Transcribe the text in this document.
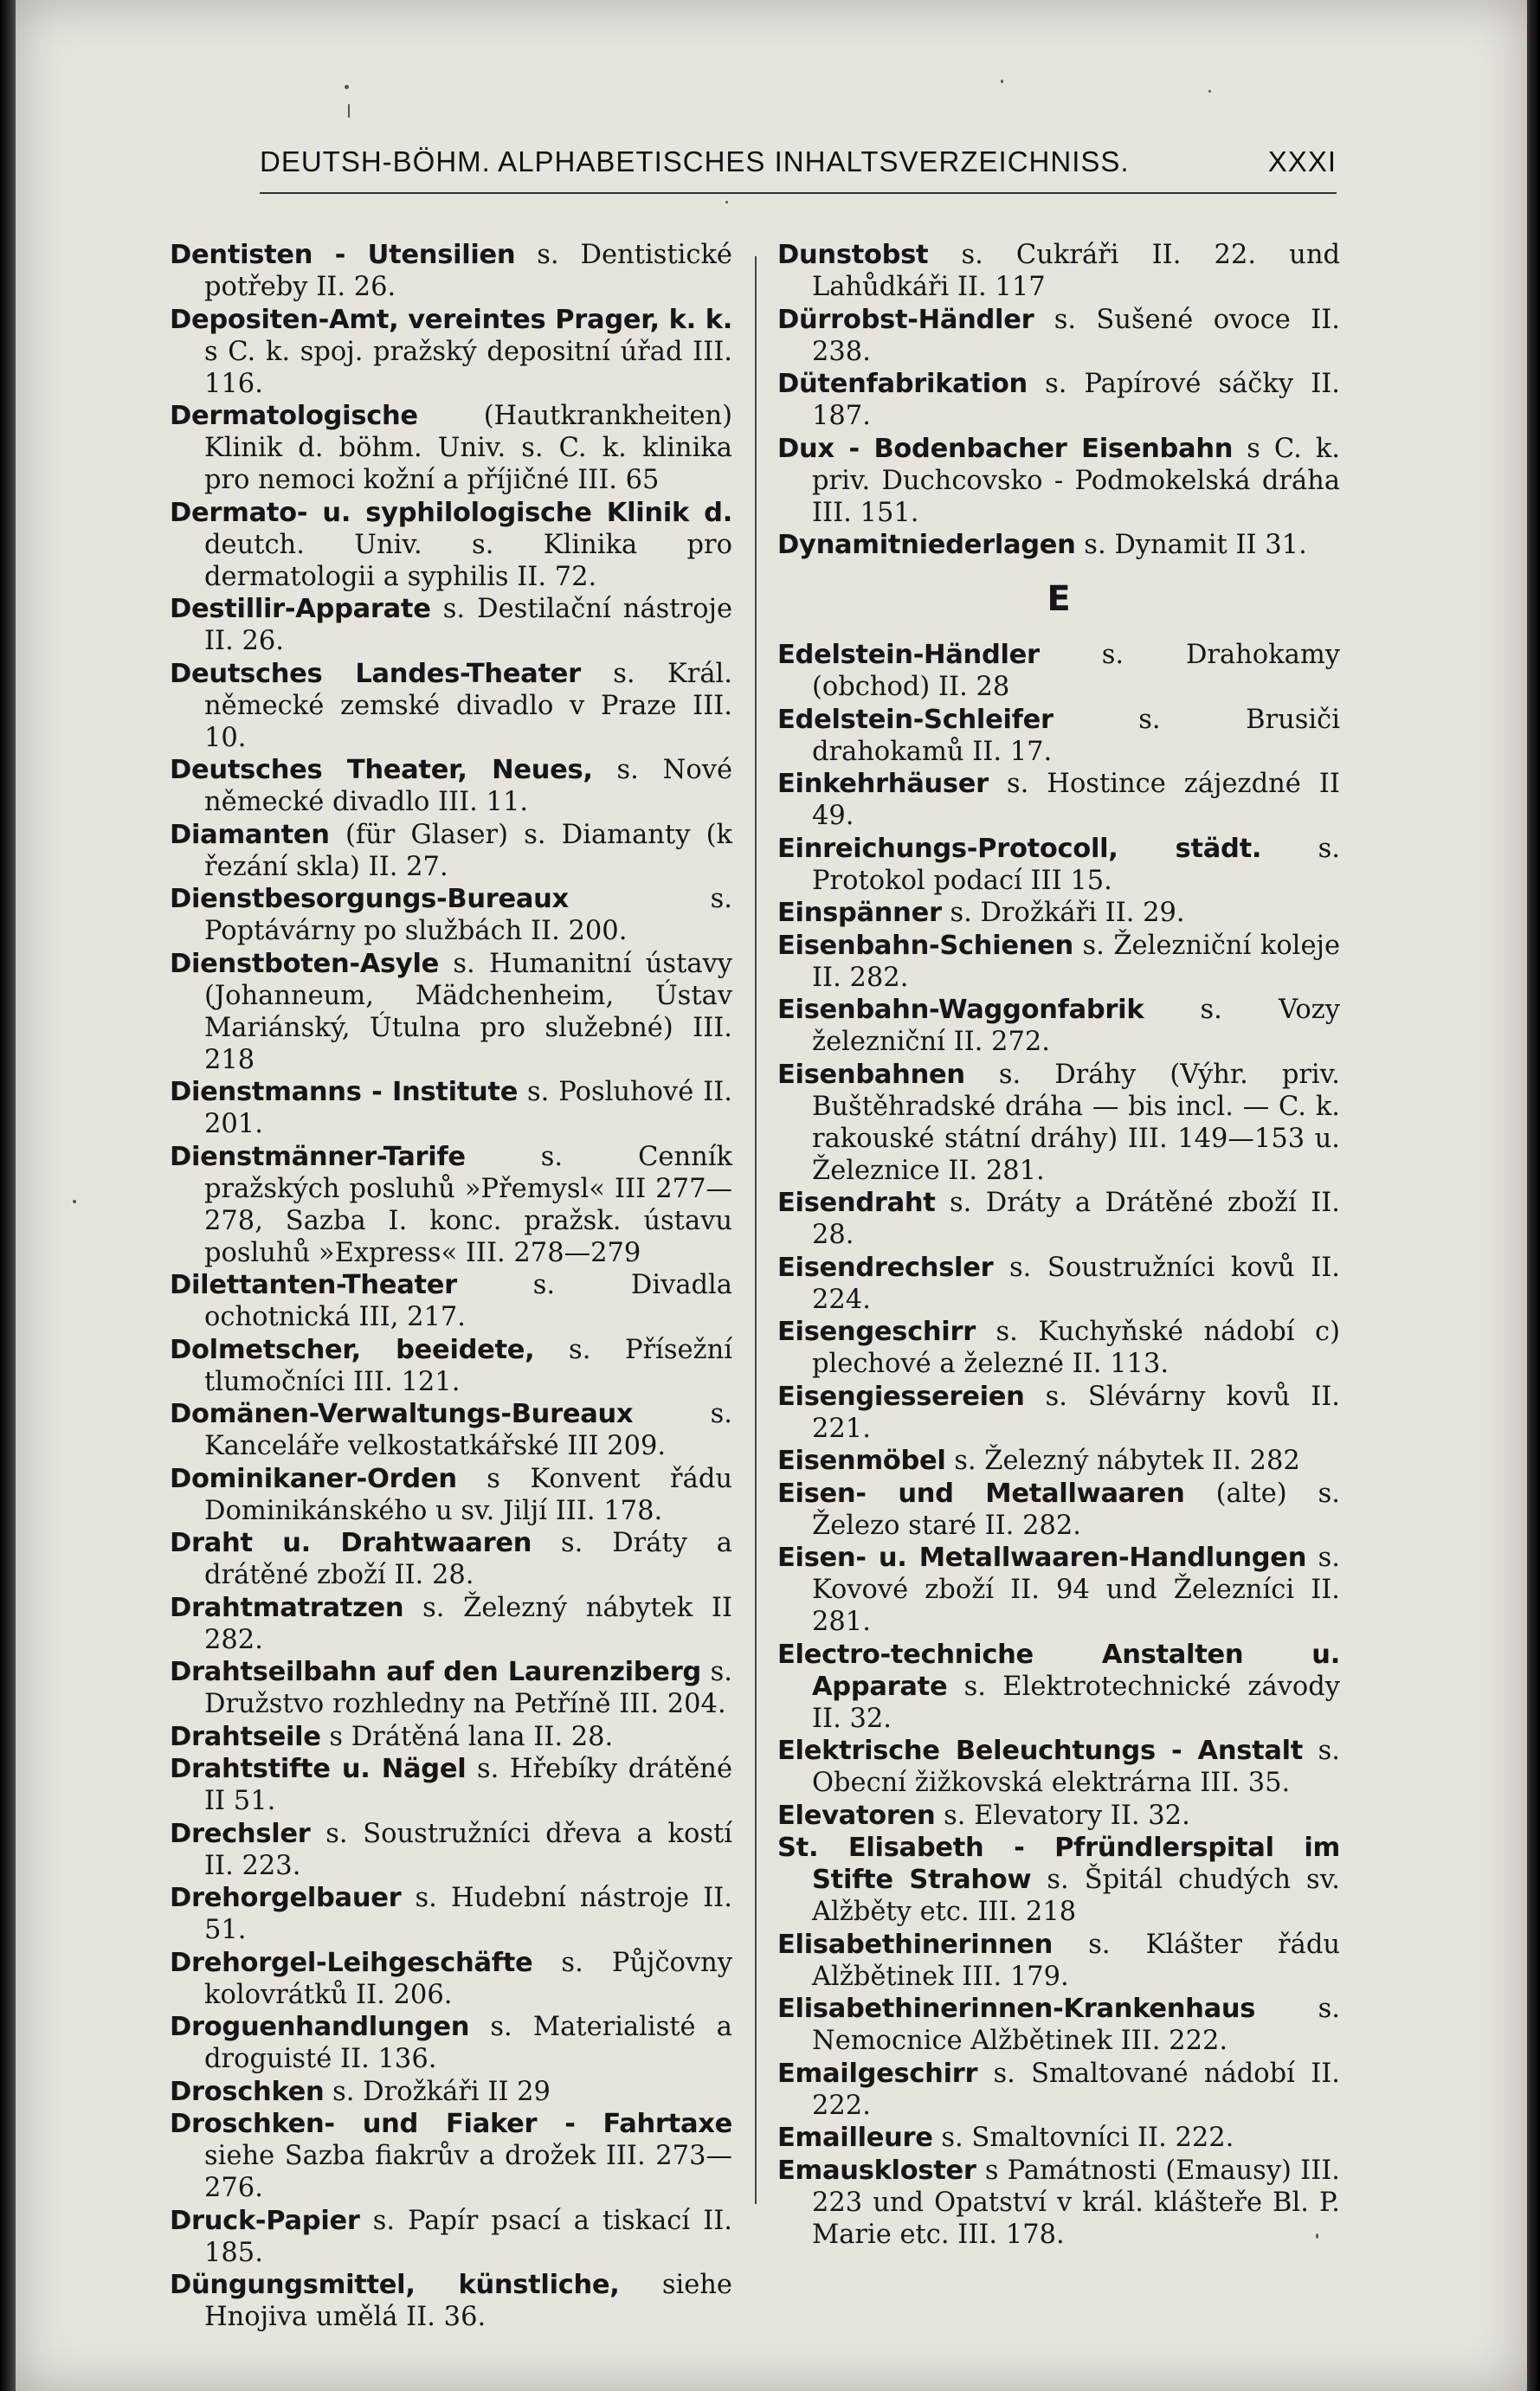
DEUTSH-BÖHM. ALPHABETISCHES INHALTSVERZEICHNISS.	XXXI

Dentisten - Utensilien s. Dentistické potřeby II. 26.

Depositen-Amt, vereintes Prager, k. k. s C. k. spoj. pražský depositní úřad III. 116.

Dermatologische (Hautkrankheiten) Klinik d. böhm. Univ. s. C. k. klinika pro nemoci kožní a příjičné III. 65

Dermato- u. syphilologische Klinik d. deutch. Univ. s. Klinika pro dermatologii a syphilis II. 72.

Destillir-Apparate s. Destilační nástroje II. 26.

Deutsches Landes-Theater s. Král. německé zemské divadlo v Praze III. 10.

Deutsches Theater, Neues, s. Nové německé divadlo III. 11.

Diamanten (für Glaser) s. Diamanty (k řezání skla) II. 27.

Dienstbesorgungs-Bureaux	s. Poptávárny po službách II. 200.

Dienstboten-Asyle s. Humanitní ústavy (Johanneum, Mädchenheim, Ústav Mariánský, Útulna pro služebné) III. 218

Dienstmanns - Institute s. Posluhové II. 201.

Dienstmänner-Tarife	s. Cenník pražských posluhů »Přemysl« III 277—278, Sazba I. konc. pražsk. ústavu posluhů »Express« III. 278—279

Dilettanten-Theater	s. Divadla ochotnická III, 217.

Dolmetscher, beeidete, s. Přísežní tlumočníci III. 121.

Domänen-Verwaltungs-Bureaux	s. Kanceláře velkostatkářské III 209.

Dominikaner-Orden s Konvent řádu Dominikánského u sv. Jiljí III. 178.

Draht u. Drahtwaaren s. Dráty a drátěné zboží II. 28.

Drahtmatratzen s. Železný nábytek II 282.

Drahtseilbahn auf den Laurenziberg s. Družstvo rozhledny na Petříně III. 204.

Drahtseile s Drátěná lana II. 28.

Drahtstifte u. Nägel s. Hřebíky drátěné II 51.

Drechsler s. Soustružníci dřeva a kostí II. 223.

Drehorgelbauer s. Hudební nástroje II. 51.

Drehorgel-Leihgeschäfte s. Půjčovny kolovrátků II. 206.

Droguenhandlungen s. Materialisté a droguisté II. 136.

Droschken s. Drožkáři II 29

Droschken- und Fiaker - Fahrtaxe siehe Sazba fiakrův a drožek III. 273—276.

Druck-Papier s. Papír psací a tiskací II. 185.

Düngungsmittel, künstliche, siehe Hnojiva umělá II. 36.

Dunstobst s. Cukráři II. 22. und Lahůdkáři II. 117

Dürrobst-Händler s. Sušené ovoce II. 238.

Dütenfabrikation s. Papírové sáčky II. 187.

Dux - Bodenbacher Eisenbahn s C. k. priv. Duchcovsko - Podmokelská dráha III. 151.

Dynamitniederlagen s. Dynamit II 31.

E

Edelstein-Händler s. Drahokamy (obchod) II. 28

Edelstein-Schleifer	s. Brusiči drahokamů II. 17.

Einkehrhäuser s. Hostince zájezdné II 49.

Einreichungs-Protocoll, städt. s. Protokol podací III 15.

Einspänner s. Drožkáři II. 29.

Eisenbahn-Schienen s. Železniční koleje II. 282.

Eisenbahn-Waggonfabrik s. Vozy železniční II. 272.

Eisenbahnen s. Dráhy (Výhr. priv. Buštěhradské dráha — bis incl. — C. k. rakouské státní dráhy) III. 149—153 u. Železnice II. 281.

Eisendraht s. Dráty a Drátěné zboží II. 28.

Eisendrechsler s. Soustružníci kovů II. 224.

Eisengeschirr s. Kuchyňské nádobí c) plechové a železné II. 113.

Eisengiessereien s. Slévárny kovů II. 221.

Eisenmöbel s. Železný nábytek II. 282

Eisen- und Metallwaaren (alte) s. Železo staré II. 282.

Eisen- u. Metallwaaren-Handlungen s. Kovové zboží II. 94 und Železníci II. 281.

Electro-techniche Anstalten u. Apparate s. Elektrotechnické závody II. 32.

Elektrische Beleuchtungs - Anstalt s. Obecní žižkovská elektrárna III. 35.

Elevatoren s. Elevatory II. 32.

St. Elisabeth - Pfründlerspital im Stifte Strahow s. Špitál chudých sv. Alžběty etc. III. 218

Elisabethinerinnen s. Klášter řádu Alžbětinek III. 179.

Elisabethinerinnen-Krankenhaus s. Nemocnice Alžbětinek III. 222.

Emailgeschirr s. Smaltované nádobí II. 222.

Emailleure s. Smaltovníci II. 222.

Emauskloster s Památnosti (Emausy) III. 223 und Opatství v král. klášteře Bl. P. Marie etc. III. 178.
